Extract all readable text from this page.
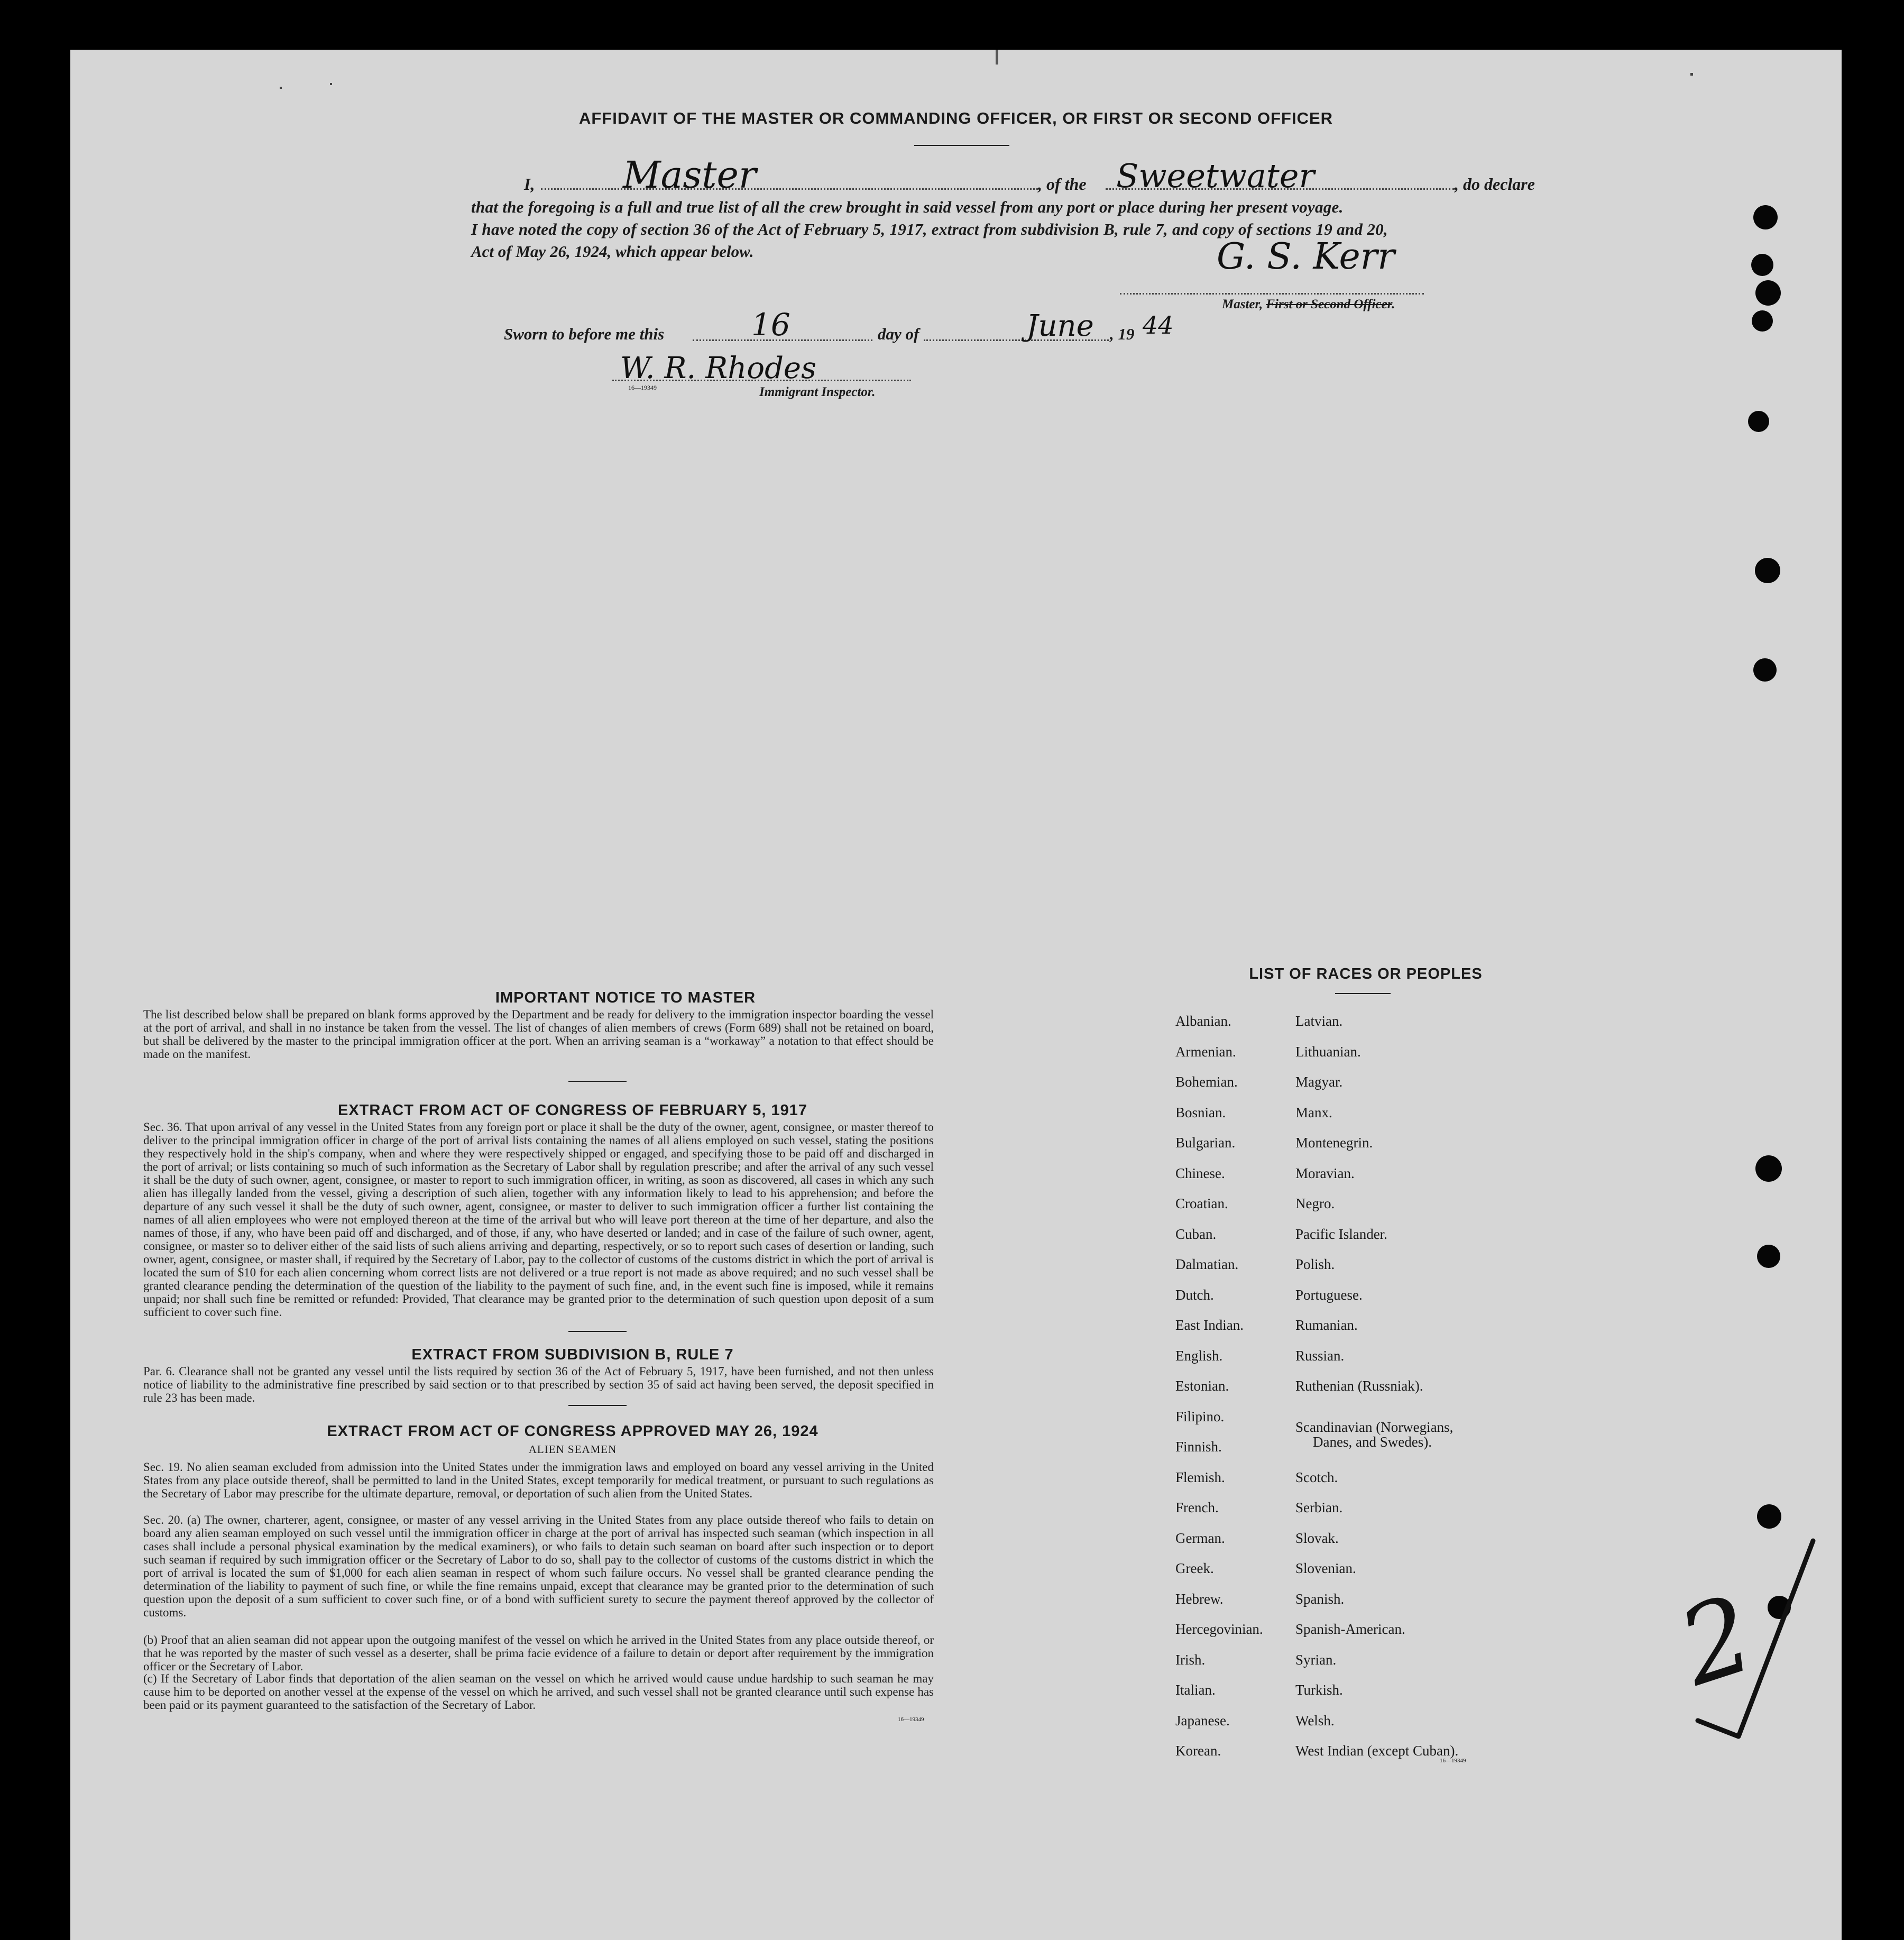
AFFIDAVIT OF THE MASTER OR COMMANDING OFFICER, OR FIRST OR SECOND OFFICER
I, Master	, of the Sweetwater	, do declare
that the foregoing is a full and true list of all the crew brought in said vessel from any port or place during her present voyage.
I have noted the copy of section 36 of the Act of February 5, 1917, extract from subdivision B, rule 7, and copy of sections 19 and 20,
Act of May 26, 1924, which appear below.	G. S. Kerr
Master, First or Second Officer.
Sworn to before me this	16	day of	June , 19 44
W. R. Rhodes
16—19349	Immigrant Inspector.
IMPORTANT NOTICE TO MASTER
The list described below shall be prepared on blank forms approved by the Department and be ready for delivery to the immigration inspector boarding the vessel at the port of arrival, and shall in no instance be taken from the vessel. The list of changes of alien members of crews (Form 689) shall not be retained on board, but shall be delivered by the master to the principal immigration officer at the port. When an arriving seaman is a “workaway” a notation to that effect should be made on the manifest.
EXTRACT FROM ACT OF CONGRESS OF FEBRUARY 5, 1917
Sec. 36. That upon arrival of any vessel in the United States from any foreign port or place it shall be the duty of the owner, agent, consignee, or master thereof to deliver to the principal immigration officer in charge of the port of arrival lists containing the names of all aliens employed on such vessel, stating the positions they respectively hold in the ship's company, when and where they were respectively shipped or engaged, and specifying those to be paid off and discharged in the port of arrival; or lists containing so much of such information as the Secretary of Labor shall by regulation prescribe; and after the arrival of any such vessel it shall be the duty of such owner, agent, consignee, or master to report to such immigration officer, in writing, as soon as discovered, all cases in which any such alien has illegally landed from the vessel, giving a description of such alien, together with any information likely to lead to his apprehension; and before the departure of any such vessel it shall be the duty of such owner, agent, consignee, or master to deliver to such immigration officer a further list containing the names of all alien employees who were not employed thereon at the time of the arrival but who will leave port thereon at the time of her departure, and also the names of those, if any, who have been paid off and discharged, and of those, if any, who have deserted or landed; and in case of the failure of such owner, agent, consignee, or master so to deliver either of the said lists of such aliens arriving and departing, respectively, or so to report such cases of desertion or landing, such owner, agent, consignee, or master shall, if required by the Secretary of Labor, pay to the collector of customs of the customs district in which the port of arrival is located the sum of $10 for each alien concerning whom correct lists are not delivered or a true report is not made as above required; and no such vessel shall be granted clearance pending the determination of the question of the liability to the payment of such fine, and, in the event such fine is imposed, while it remains unpaid; nor shall such fine be remitted or refunded: Provided, That clearance may be granted prior to the determination of such question upon deposit of a sum sufficient to cover such fine.
EXTRACT FROM SUBDIVISION B, RULE 7
Par. 6. Clearance shall not be granted any vessel until the lists required by section 36 of the Act of February 5, 1917, have been furnished, and not then unless notice of liability to the administrative fine prescribed by said section or to that prescribed by section 35 of said act having been served, the deposit specified in rule 23 has been made.
EXTRACT FROM ACT OF CONGRESS APPROVED MAY 26, 1924
ALIEN SEAMEN
Sec. 19. No alien seaman excluded from admission into the United States under the immigration laws and employed on board any vessel arriving in the United States from any place outside thereof, shall be permitted to land in the United States, except temporarily for medical treatment, or pursuant to such regulations as the Secretary of Labor may prescribe for the ultimate departure, removal, or deportation of such alien from the United States.
Sec. 20. (a) The owner, charterer, agent, consignee, or master of any vessel arriving in the United States from any place outside thereof who fails to detain on board any alien seaman employed on such vessel until the immigration officer in charge at the port of arrival has inspected such seaman (which inspection in all cases shall include a personal physical examination by the medical examiners), or who fails to detain such seaman on board after such inspection or to deport such seaman if required by such immigration officer or the Secretary of Labor to do so, shall pay to the collector of customs of the customs district in which the port of arrival is located the sum of $1,000 for each alien seaman in respect of whom such failure occurs. No vessel shall be granted clearance pending the determination of the liability to payment of such fine, or while the fine remains unpaid, except that clearance may be granted prior to the determination of such question upon the deposit of a sum sufficient to cover such fine, or of a bond with sufficient surety to secure the payment thereof approved by the collector of customs.
(b) Proof that an alien seaman did not appear upon the outgoing manifest of the vessel on which he arrived in the United States from any place outside thereof, or that he was reported by the master of such vessel as a deserter, shall be prima facie evidence of a failure to detain or deport after requirement by the immigration officer or the Secretary of Labor.
(c) If the Secretary of Labor finds that deportation of the alien seaman on the vessel on which he arrived would cause undue hardship to such seaman he may cause him to be deported on another vessel at the expense of the vessel on which he arrived, and such vessel shall not be granted clearance until such expense has been paid or its payment guaranteed to the satisfaction of the Secretary of Labor.
16—19349
LIST OF RACES OR PEOPLES
Albanian.
Armenian.
Bohemian.
Bosnian.
Bulgarian.
Chinese.
Croatian.
Cuban.
Dalmatian.
Dutch.
East Indian.
English.
Estonian.
Filipino.
Finnish.
Flemish.
French.
German.
Greek.
Hebrew.
Hercegovinian.
Irish.
Italian.
Japanese.
Korean.
Latvian.
Lithuanian.
Magyar.
Manx.
Montenegrin.
Moravian.
Negro.
Pacific Islander.
Polish.
Portuguese.
Rumanian.
Russian.
Ruthenian (Russniak).
Scandinavian (Norwegians,
Danes, and Swedes).
Scotch.
Serbian.
Slovak.
Slovenian.
Spanish.
Spanish-American.
Syrian.
Turkish.
Welsh.
West Indian (except Cuban).
16—19349
2
